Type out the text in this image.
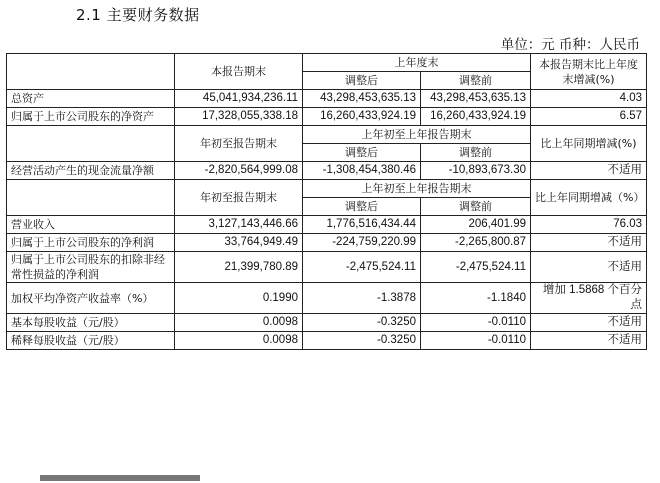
2.1 主要财务数据
单位：元 币种：人民币
	本报告期末	上年度末		本报告期末比上年度末增减(%)
		调整后	调整前	
总资产	45,041,934,236.11	43,298,453,635.13	43,298,453,635.13	4.03
归属于上市公司股东的净资产	17,328,055,338.18	16,260,433,924.19	16,260,433,924.19	6.57
	年初至报告期末	上年初至上年报告期末		比上年同期增减(%)
		调整后	调整前	
经营活动产生的现金流量净额	-2,820,564,999.08	-1,308,454,380.46	-10,893,673.30	不适用
	年初至报告期末	上年初至上年报告期末		比上年同期增减（%）
		调整后	调整前	
营业收入	3,127,143,446.66	1,776,516,434.44	206,401.99	76.03
归属于上市公司股东的净利润	33,764,949.49	-224,759,220.99	-2,265,800.87	不适用
归属于上市公司股东的扣除非经常性损益的净利润	21,399,780.89	-2,475,524.11	-2,475,524.11	不适用
加权平均净资产收益率（%）	0.1990	-1.3878	-1.1840	增加 1.5868 个百分点
基本每股收益（元/股）	0.0098	-0.3250	-0.0110	不适用
稀释每股收益（元/股）	0.0098	-0.3250	-0.0110	不适用
